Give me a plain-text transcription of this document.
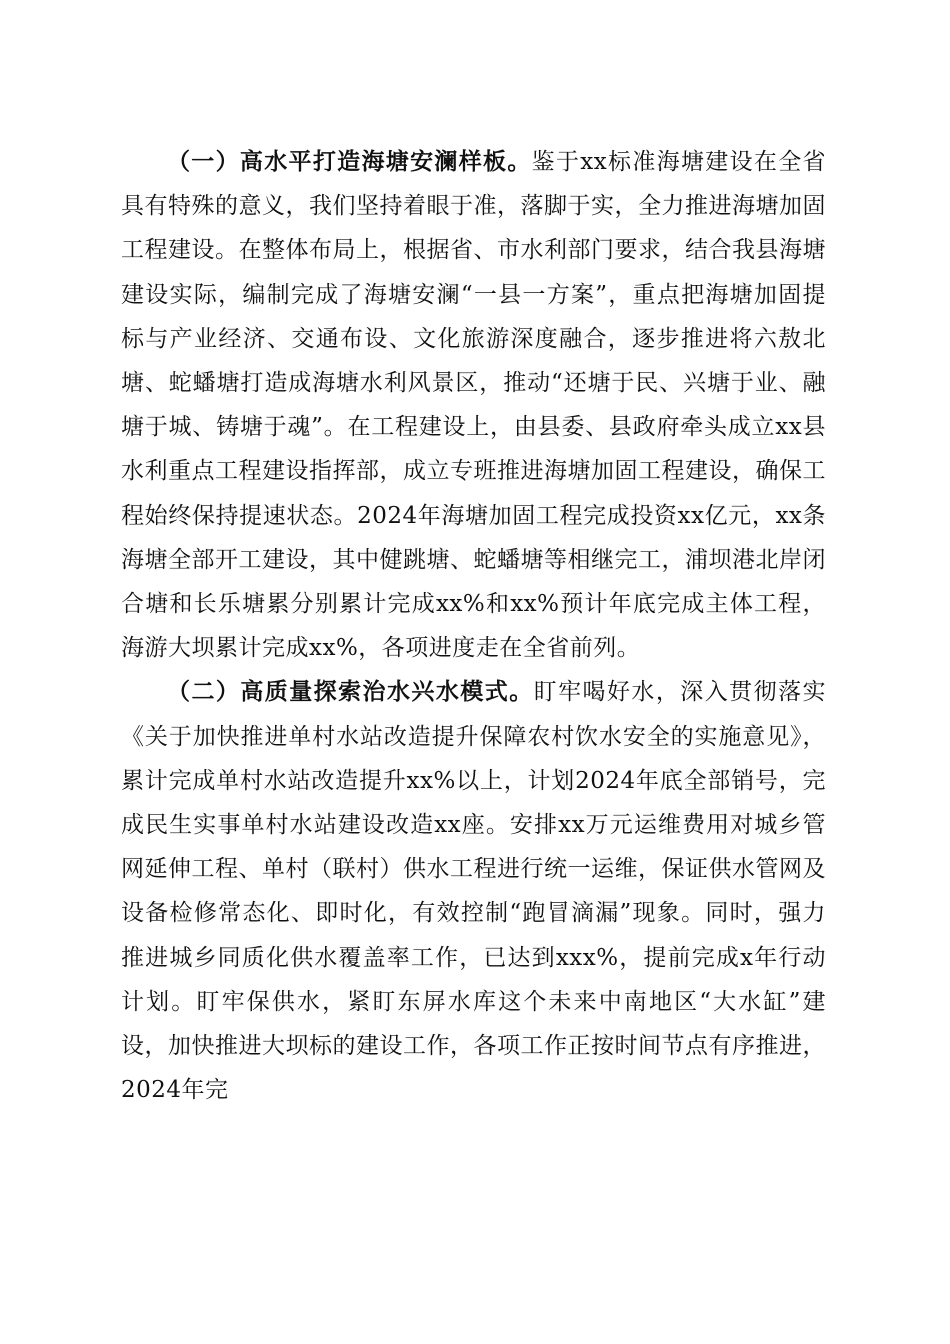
（一）高水平打造海塘安澜样板。鉴于xx标准海塘建设在全省具有特殊的意义，我们坚持着眼于准，落脚于实，全力推进海塘加固工程建设。在整体布局上，根据省、市水利部门要求，结合我县海塘建设实际，编制完成了海塘安澜“一县一方案”，重点把海塘加固提标与产业经济、交通布设、文化旅游深度融合，逐步推进将六敖北塘、蛇蟠塘打造成海塘水利风景区，推动“还塘于民、兴塘于业、融塘于城、铸塘于魂”。在工程建设上，由县委、县政府牵头成立xx县水利重点工程建设指挥部，成立专班推进海塘加固工程建设，确保工程始终保持提速状态。2024年海塘加固工程完成投资xx亿元，xx条海塘全部开工建设，其中健跳塘、蛇蟠塘等相继完工，浦坝港北岸闭合塘和长乐塘累分别累计完成xx%和xx%预计年底完成主体工程，海游大坝累计完成xx%，各项进度走在全省前列。

（二）高质量探索治水兴水模式。盯牢喝好水，深入贯彻落实《关于加快推进单村水站改造提升保障农村饮水安全的实施意见》，累计完成单村水站改造提升xx%以上，计划2024年底全部销号，完成民生实事单村水站建设改造xx座。安排xx万元运维费用对城乡管网延伸工程、单村（联村）供水工程进行统一运维，保证供水管网及设备检修常态化、即时化，有效控制“跑冒滴漏”现象。同时，强力推进城乡同质化供水覆盖率工作，已达到xxx%，提前完成x年行动计划。盯牢保供水，紧盯东屏水库这个未来中南地区“大水缸”建设，加快推进大坝标的建设工作，各项工作正按时间节点有序推进，2024年完
